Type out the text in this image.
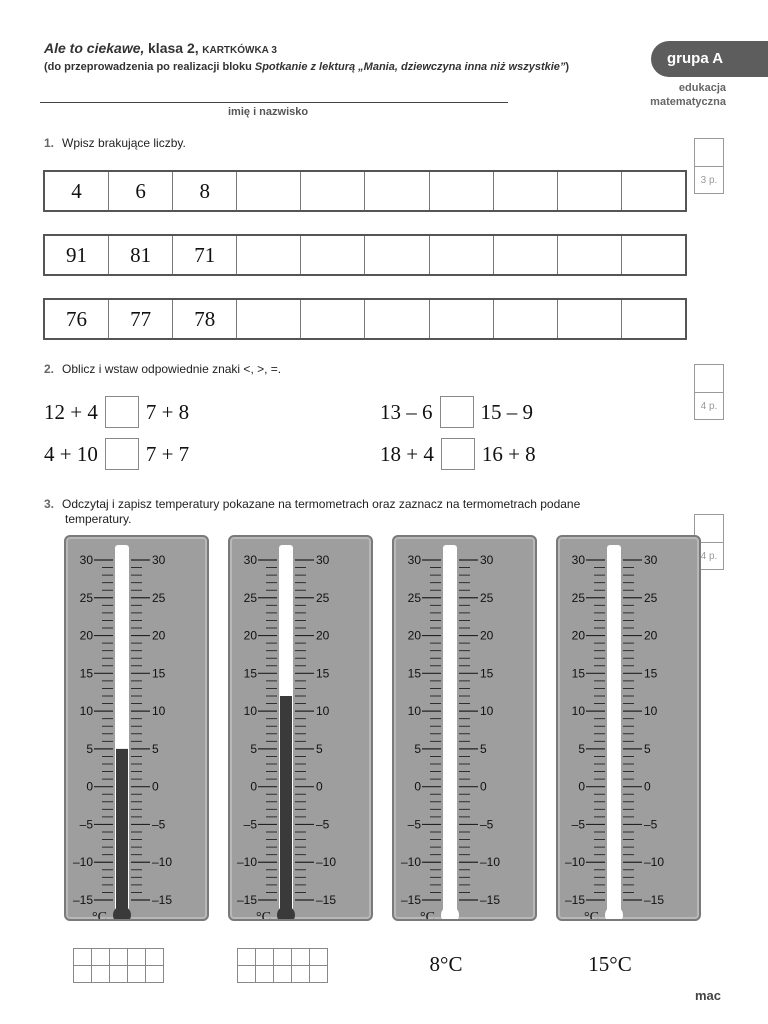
Ale to ciekawe, klasa 2, KARTKÓWKA 3
(do przeprowadzenia po realizacji bloku Spotkanie z lekturą „Mania, dziewczyna inna niż wszystkie”)
imię i nazwisko
grupa A
edukacja
matematyczna
1. Wpisz brakujące liczby.
3 p.
4	6	8
91	81	71
76	77	78
2. Oblicz i wstaw odpowiednie znaki <, >, =.
4 p.
12 + 4 7 + 8
4 + 10 7 + 7
13 – 6 15 – 9
18 + 4 16 + 8
3. Odczytaj i zapisz temperatury pokazane na termometrach oraz zaznacz na termometrach podane
temperatury.
4 p.
30	30
25	25
20	20
15	15
10	10
5	5
0	0
–5	–5
–10	–10
–15	–15
°C
30	30
25	25
20	20
15	15
10	10
5	5
0	0
–5	–5
–10	–10
–15	–15
°C
30	30
25	25
20	20
15	15
10	10
5	5
0	0
–5	–5
–10	–10
–15	–15
°C
8°C
30	30
25	25
20	20
15	15
10	10
5	5
0	0
–5	–5
–10	–10
–15	–15
°C
15°C
mac
